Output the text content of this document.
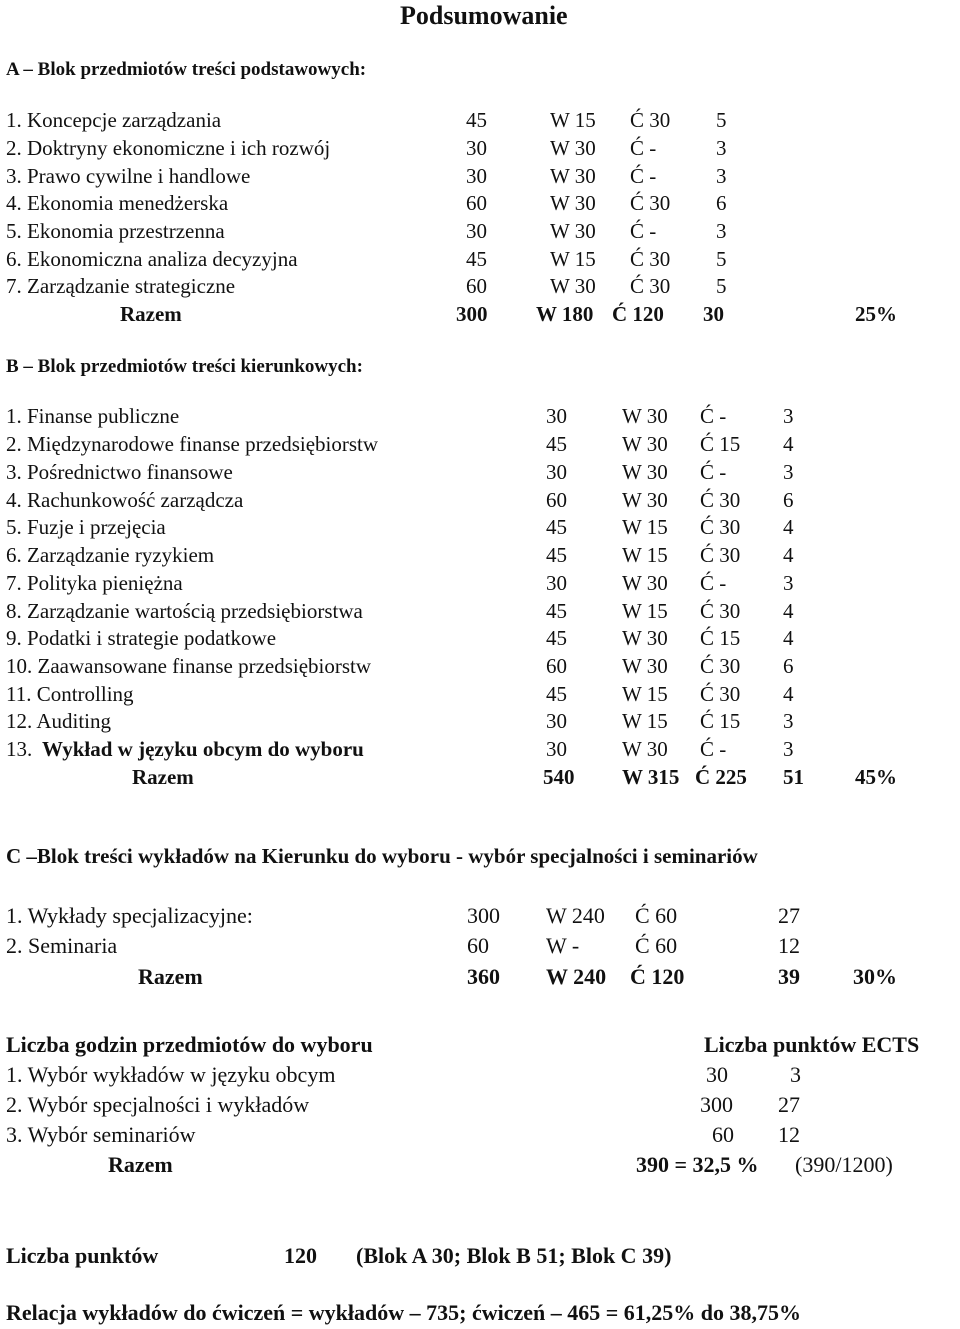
Podsumowanie
A – Blok przedmiotów treści podstawowych:
1. Koncepcje zarządzania	45	W 15 Ć 30 5
2. Doktryny ekonomiczne i ich rozwój	30	W 30 Ć -	3
3. Prawo cywilne i handlowe	30	W 30 Ć -	3
4. Ekonomia menedżerska	60	W 30 Ć 30 6
5. Ekonomia przestrzenna	30	W 30 Ć -	3
6. Ekonomiczna analiza decyzyjna	45	W 15 Ć 30 5
7. Zarządzanie strategiczne	60	W 30 Ć 30 5
Razem	300 W 180 Ć 120 30	25%
B – Blok przedmiotów treści kierunkowych:
1. Finanse publiczne	30	W 30 Ć -	3
2. Międzynarodowe finanse przedsiębiorstw	45	W 30 Ć 15 4
3. Pośrednictwo finansowe	30	W 30 Ć -	3
4. Rachunkowość zarządcza	60	W 30 Ć 30 6
5. Fuzje i przejęcia	45	W 15 Ć 30 4
6. Zarządzanie ryzykiem	45	W 15 Ć 30 4
7. Polityka pieniężna	30	W 30 Ć -	3
8. Zarządzanie wartością przedsiębiorstwa	45	W 15 Ć 30 4
9. Podatki i strategie podatkowe	45	W 30 Ć 15 4
10. Zaawansowane finanse przedsiębiorstw	60	W 30 Ć 30 6
11. Controlling	45	W 15 Ć 30 4
12. Auditing	30	W 15 Ć 15 3
13. Wykład w języku obcym do wyboru	30	W 30 Ć -	3
Razem	540 W 315 Ć 225 51 45%
C –Blok treści wykładów na Kierunku do wyboru - wybór specjalności i seminariów
1. Wykłady specjalizacyjne:	300 W 240 Ć 60	27
2. Seminaria	60	W -	Ć 60	12
Razem	360 W 240 Ć 120	39 30%
Liczba godzin przedmiotów do wyboru	Liczba punktów ECTS
1. Wybór wykładów w języku obcym	30	3
2. Wybór specjalności i wykładów	300 27
3. Wybór seminariów	60 12
Razem	390 = 32,5 % (390/1200)
Liczba punktów	120 (Blok A 30; Blok B 51; Blok C 39)
Relacja wykładów do ćwiczeń = wykładów – 735; ćwiczeń – 465 = 61,25% do 38,75%
